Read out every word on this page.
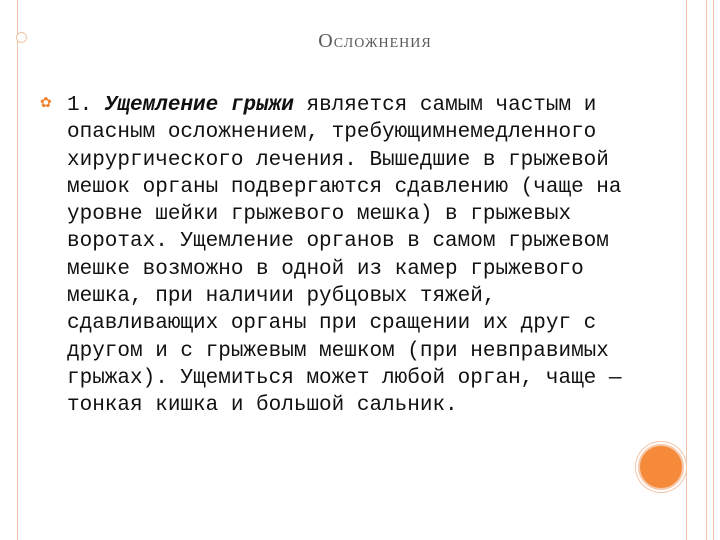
Осложнения
✿ 1. Ущемление грыжи является самым частым и опасным осложнением, требующимнемедленного хирургического лечения. Вышедшие в грыжевой мешок органы подвергаются сдавлению (чаще на уровне шейки грыжевого мешка) в грыжевых воротах. Ущемление органов в самом грыжевом мешке возможно в одной из камер грыжевого мешка, при наличии рубцовых тяжей, сдавливающих органы при сращении их друг с другом и с грыжевым мешком (при невправимых грыжах). Ущемиться может любой орган, чаще — тонкая кишка и большой сальник.
